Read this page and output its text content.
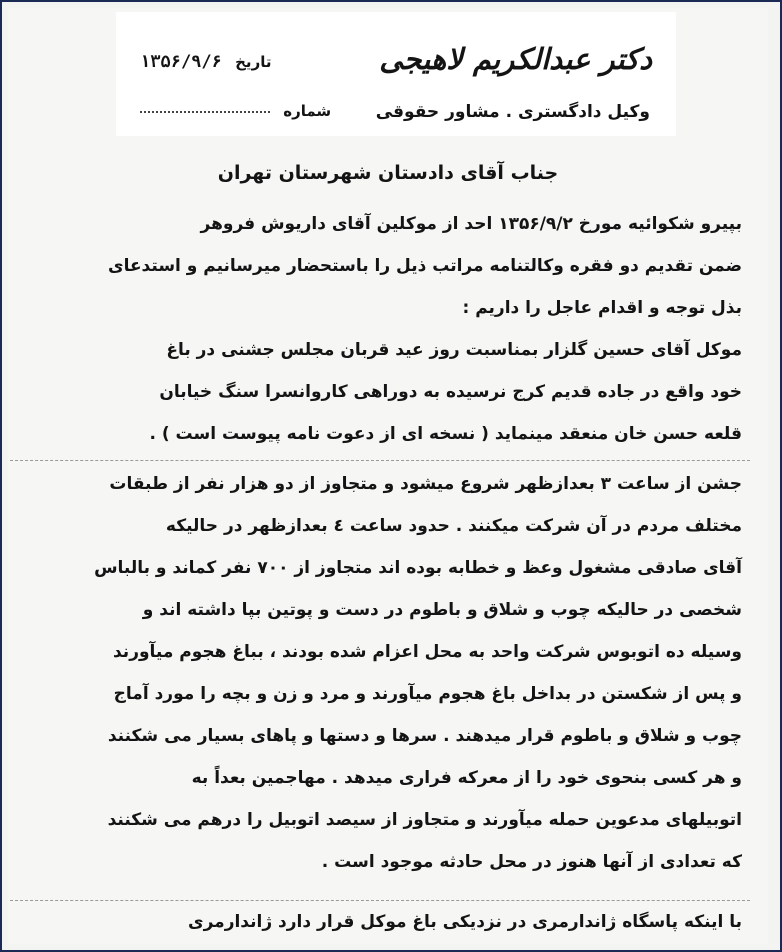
دکتر عبدالکریم لاهیجی
وکیل دادگستری . مشاور حقوقی
تاریخ ۱۳۵۶/۹/۶
شماره
جناب آقای دادستان شهرستان تهران
بپیرو شکوائیه مورخ ۱۳۵۶/۹/۲ احد از موکلین آقای داریوش فروهر
ضمن تقدیم دو فقره وکالتنامه مراتب ذیل را باستحضار میرسانیم و استدعای
بذل توجه و اقدام عاجل را داریم :
موکل آقای حسین گلزار بمناسبت روز عید قربان مجلس جشنی در باغ
خود واقع در جاده قدیم کرج نرسیده به دوراهی کاروانسرا سنگ خیابان
قلعه حسن خان منعقد مینماید ( نسخه ای از دعوت نامه پیوست است ) .
جشن از ساعت ۳ بعدازظهر شروع میشود و متجاوز از دو هزار نفر از طبقات
مختلف مردم در آن شرکت میکنند . حدود ساعت ٤ بعدازظهر در حالیکه
آقای صادقی مشغول وعظ و خطابه بوده اند متجاوز از ۷۰۰ نفر کماند و بالباس
شخصی در حالیکه چوب و شلاق و باطوم در دست و پوتین بپا داشته اند و
وسیله ده اتوبوس شرکت واحد به محل اعزام شده بودند ، بباغ هجوم میآورند
و پس از شکستن در بداخل باغ هجوم میآورند و مرد و زن و بچه را مورد آماج
چوب و شلاق و باطوم قرار میدهند . سرها و دستها و پاهای بسیار می شکنند
و هر کسی بنحوی خود را از معرکه فراری میدهد . مهاجمین بعداً به
اتوبیلهای مدعوین حمله میآورند و متجاوز از سیصد اتوبیل را درهم می شکنند
که تعدادی از آنها هنوز در محل حادثه موجود است .
با اینکه پاسگاه ژاندارمری در نزدیکی باغ موکل قرار دارد ژاندارمری
